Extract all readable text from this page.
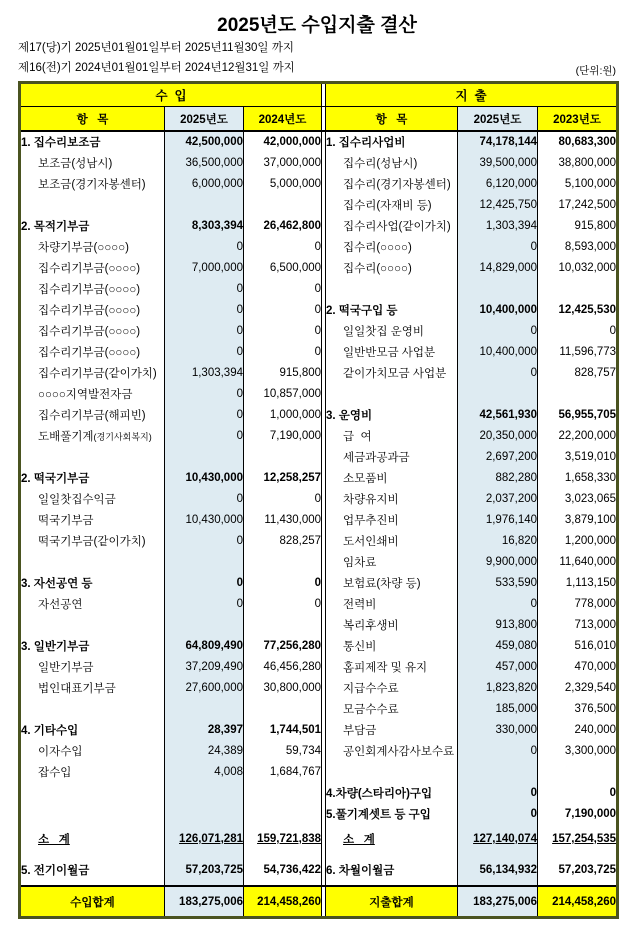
2025년도 수입지출 결산
제17(당)기 2025년01월01일부터 2025년11월30일 까지
제16(전)기 2024년01월01일부터 2024년12월31일 까지	(단위:원)
수  입				지  출		
항   목	2025년도	2024년도		항   목	2025년도	2023년도
1. 집수리보조금	42,500,000	42,000,000		1. 집수리사업비	74,178,144	80,683,300
보조금(성남시)	36,500,000	37,000,000		집수리(성남시)	39,500,000	38,800,000
보조금(경기자봉센터)	6,000,000	5,000,000		집수리(경기자봉센터)	6,120,000	5,100,000
				집수리(자재비 등)	12,425,750	17,242,500
2. 목적기부금	8,303,394	26,462,800		집수리사업(같이가치)	1,303,394	915,800
차량기부금(○○○○)	0	0		집수리(○○○○)	0	8,593,000
집수리기부금(○○○○)	7,000,000	6,500,000		집수리(○○○○)	14,829,000	10,032,000
집수리기부금(○○○○)	0	0				
집수리기부금(○○○○)	0	0		2. 떡국구입 등	10,400,000	12,425,530
집수리기부금(○○○○)	0	0		일일찻집 운영비	0	0
집수리기부금(○○○○)	0	0		일반반모금 사업분	10,400,000	11,596,773
집수리기부금(같이가치)	1,303,394	915,800		같이가치모금 사업분	0	828,757
○○○○지역발전자금	0	10,857,000				
집수리기부금(해피빈)	0	1,000,000		3. 운영비	42,561,930	56,955,705
도배풀기계(경기사회복지)	0	7,190,000		급  여	20,350,000	22,200,000
				세금과공과금	2,697,200	3,519,010
2. 떡국기부금	10,430,000	12,258,257		소모품비	882,280	1,658,330
일일찻집수익금	0	0		차량유지비	2,037,200	3,023,065
떡국기부금	10,430,000	11,430,000		업무추진비	1,976,140	3,879,100
떡국기부금(같이가치)	0	828,257		도서인쇄비	16,820	1,200,000
				임차료	9,900,000	11,640,000
3. 자선공연 등	0	0		보험료(차량 등)	533,590	1,113,150
자선공연	0	0		전력비	0	778,000
				복리후생비	913,800	713,000
3. 일반기부금	64,809,490	77,256,280		통신비	459,080	516,010
일반기부금	37,209,490	46,456,280		홈피제작 및 유지	457,000	470,000
법인대표기부금	27,600,000	30,800,000		지급수수료	1,823,820	2,329,540
				모금수수료	185,000	376,500
4. 기타수입	28,397	1,744,501		부담금	330,000	240,000
이자수입	24,389	59,734		공인회계사감사보수료	0	3,300,000
잡수입	4,008	1,684,767				
				4.차량(스타리아)구입	0	0
				5.풀기계셋트 등 구입	0	7,190,000
소   계	126,071,281	159,721,838		소   계	127,140,074	157,254,535
5. 전기이월금	57,203,725	54,736,422		6. 차월이월금	56,134,932	57,203,725
수입합계	183,275,006	214,458,260		지출합계	183,275,006	214,458,260
